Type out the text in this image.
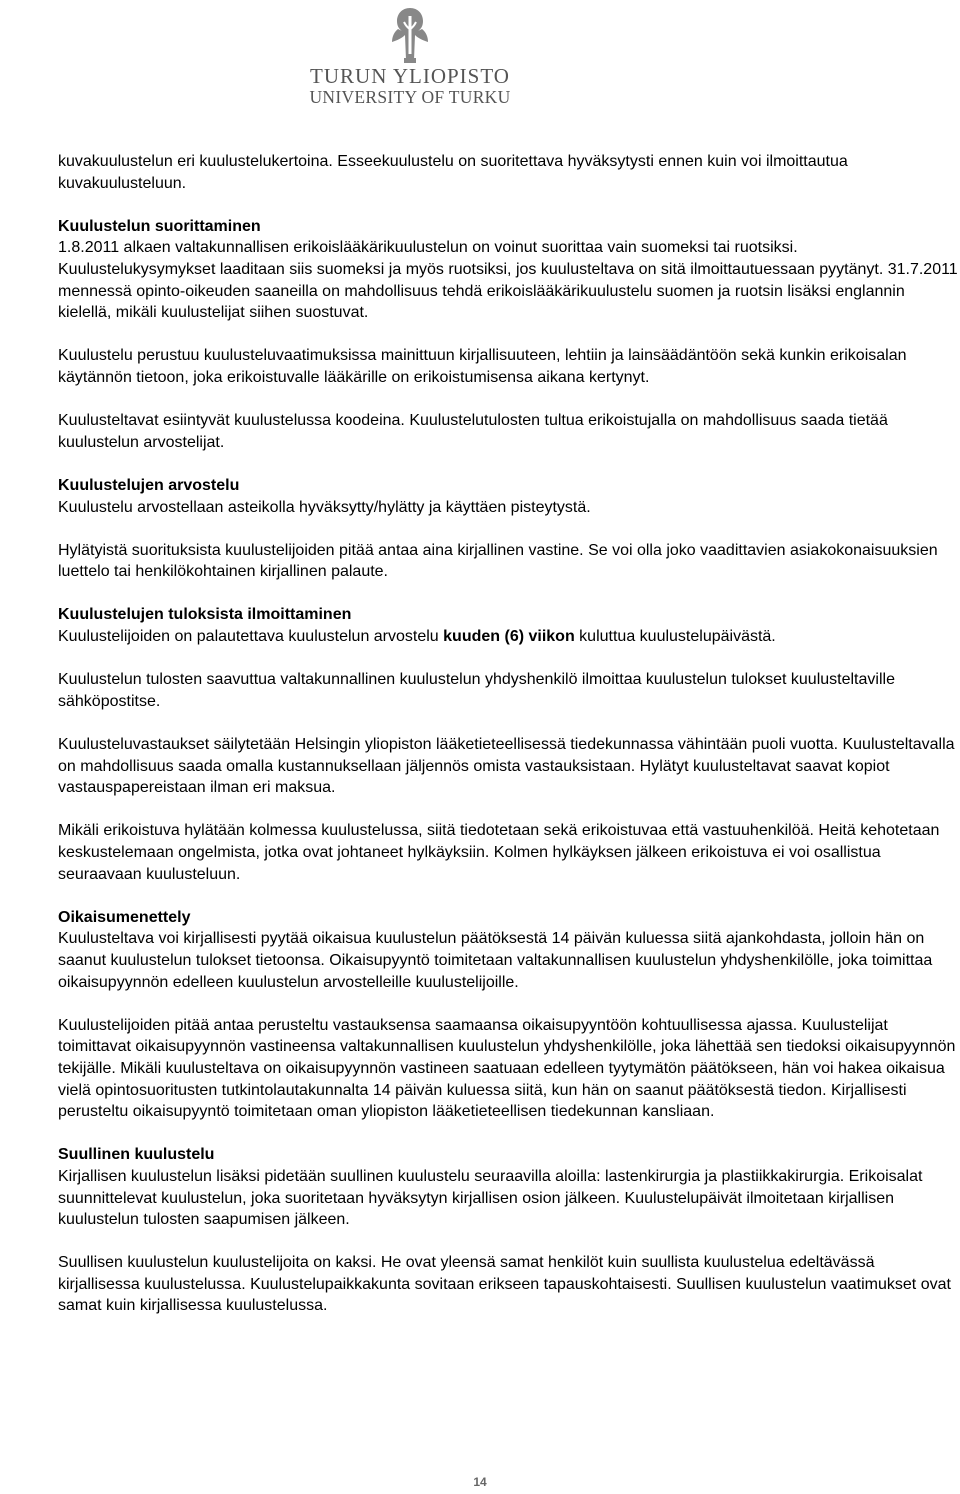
TURUN YLIOPISTO
UNIVERSITY OF TURKU

kuvakuulustelun eri kuulustelukertoina. Esseekuulustelu on suoritettava hyväksytysti ennen kuin voi ilmoittautua kuvakuulusteluun.

Kuulustelun suorittaminen

1.8.2011 alkaen valtakunnallisen erikoislääkärikuulustelun on voinut suorittaa vain suomeksi tai ruotsiksi. Kuulustelukysymykset laaditaan siis suomeksi ja myös ruotsiksi, jos kuulusteltava on sitä ilmoittautuessaan pyytänyt. 31.7.2011 mennessä opinto-oikeuden saaneilla on mahdollisuus tehdä erikoislääkärikuulustelu suomen ja ruotsin lisäksi englannin kielellä, mikäli kuulustelijat siihen suostuvat.

Kuulustelu perustuu kuulusteluvaatimuksissa mainittuun kirjallisuuteen, lehtiin ja lainsäädäntöön sekä kunkin erikoisalan käytännön tietoon, joka erikoistuvalle lääkärille on erikoistumisensa aikana kertynyt.

Kuulusteltavat esiintyvät kuulustelussa koodeina. Kuulustelutulosten tultua erikoistujalla on mahdollisuus saada tietää kuulustelun arvostelijat.

Kuulustelujen arvostelu

Kuulustelu arvostellaan asteikolla hyväksytty/hylätty ja käyttäen pisteytystä.

Hylätyistä suorituksista kuulustelijoiden pitää antaa aina kirjallinen vastine. Se voi olla joko vaadittavien asiakokonaisuuksien luettelo tai henkilökohtainen kirjallinen palaute.

Kuulustelujen tuloksista ilmoittaminen

Kuulustelijoiden on palautettava kuulustelun arvostelu kuuden (6) viikon kuluttua kuulustelupäivästä.

Kuulustelun tulosten saavuttua valtakunnallinen kuulustelun yhdyshenkilö ilmoittaa kuulustelun tulokset kuulusteltaville sähköpostitse.

Kuulusteluvastaukset säilytetään Helsingin yliopiston lääketieteellisessä tiedekunnassa vähintään puoli vuotta. Kuulusteltavalla on mahdollisuus saada omalla kustannuksellaan jäljennös omista vastauksistaan. Hylätyt kuulusteltavat saavat kopiot vastauspapereistaan ilman eri maksua.

Mikäli erikoistuva hylätään kolmessa kuulustelussa, siitä tiedotetaan sekä erikoistuvaa että vastuuhenkilöä. Heitä kehotetaan keskustelemaan ongelmista, jotka ovat johtaneet hylkäyksiin. Kolmen hylkäyksen jälkeen erikoistuva ei voi osallistua seuraavaan kuulusteluun.

Oikaisumenettely

Kuulusteltava voi kirjallisesti pyytää oikaisua kuulustelun päätöksestä 14 päivän kuluessa siitä ajankohdasta, jolloin hän on saanut kuulustelun tulokset tietoonsa. Oikaisupyyntö toimitetaan valtakunnallisen kuulustelun yhdyshenkilölle, joka toimittaa oikaisupyynnön edelleen kuulustelun arvostelleille kuulustelijoille.

Kuulustelijoiden pitää antaa perusteltu vastauksensa saamaansa oikaisupyyntöön kohtuullisessa ajassa. Kuulustelijat toimittavat oikaisupyynnön vastineensa valtakunnallisen kuulustelun yhdyshenkilölle, joka lähettää sen tiedoksi oikaisupyynnön tekijälle. Mikäli kuulusteltava on oikaisupyynnön vastineen saatuaan edelleen tyytymätön päätökseen, hän voi hakea oikaisua vielä opintosuoritusten tutkintolautakunnalta 14 päivän kuluessa siitä, kun hän on saanut päätöksestä tiedon. Kirjallisesti perusteltu oikaisupyyntö toimitetaan oman yliopiston lääketieteellisen tiedekunnan kansliaan.

Suullinen kuulustelu

Kirjallisen kuulustelun lisäksi pidetään suullinen kuulustelu seuraavilla aloilla: lastenkirurgia ja plastiikkakirurgia. Erikoisalat suunnittelevat kuulustelun, joka suoritetaan hyväksytyn kirjallisen osion jälkeen. Kuulustelupäivät ilmoitetaan kirjallisen kuulustelun tulosten saapumisen jälkeen.

Suullisen kuulustelun kuulustelijoita on kaksi. He ovat yleensä samat henkilöt kuin suullista kuulustelua edeltävässä kirjallisessa kuulustelussa. Kuulustelupaikkakunta sovitaan erikseen tapauskohtaisesti. Suullisen kuulustelun vaatimukset ovat samat kuin kirjallisessa kuulustelussa.

14
